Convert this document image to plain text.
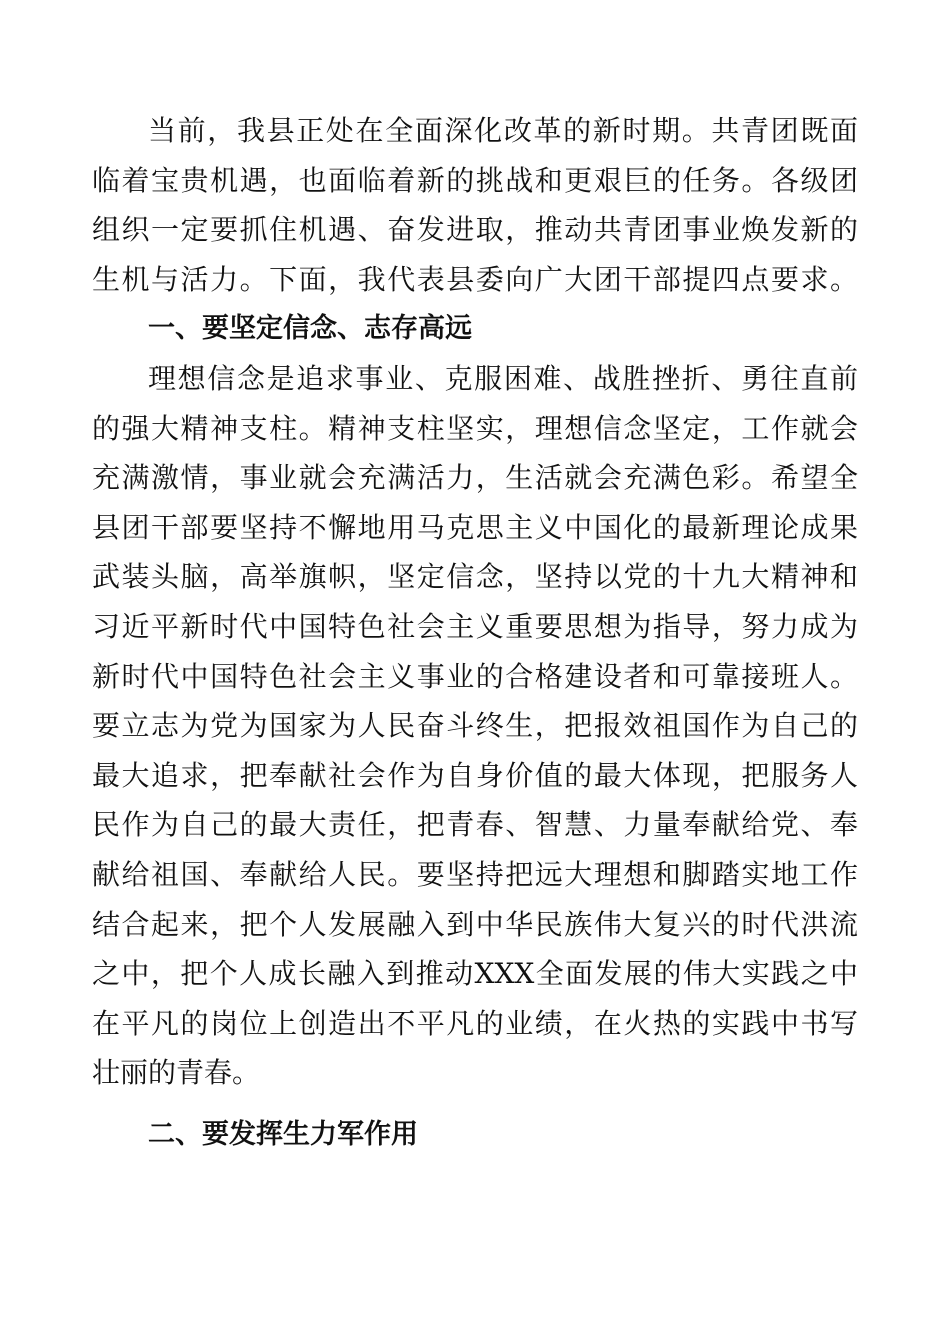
当前，我县正处在全面深化改革的新时期。共青团既面
临着宝贵机遇，也面临着新的挑战和更艰巨的任务。各级团
组织一定要抓住机遇、奋发进取，推动共青团事业焕发新的
生机与活力。下面，我代表县委向广大团干部提四点要求。
一、要坚定信念、志存高远
理想信念是追求事业、克服困难、战胜挫折、勇往直前
的强大精神支柱。精神支柱坚实，理想信念坚定，工作就会
充满激情，事业就会充满活力，生活就会充满色彩。希望全
县团干部要坚持不懈地用马克思主义中国化的最新理论成果
武装头脑，高举旗帜，坚定信念，坚持以党的十九大精神和
习近平新时代中国特色社会主义重要思想为指导，努力成为
新时代中国特色社会主义事业的合格建设者和可靠接班人。
要立志为党为国家为人民奋斗终生，把报效祖国作为自己的
最大追求，把奉献社会作为自身价值的最大体现，把服务人
民作为自己的最大责任，把青春、智慧、力量奉献给党、奉
献给祖国、奉献给人民。要坚持把远大理想和脚踏实地工作
结合起来，把个人发展融入到中华民族伟大复兴的时代洪流
之中，把个人成长融入到推动XXX全面发展的伟大实践之中
在平凡的岗位上创造出不平凡的业绩，在火热的实践中书写
壮丽的青春。
二、要发挥生力军作用
